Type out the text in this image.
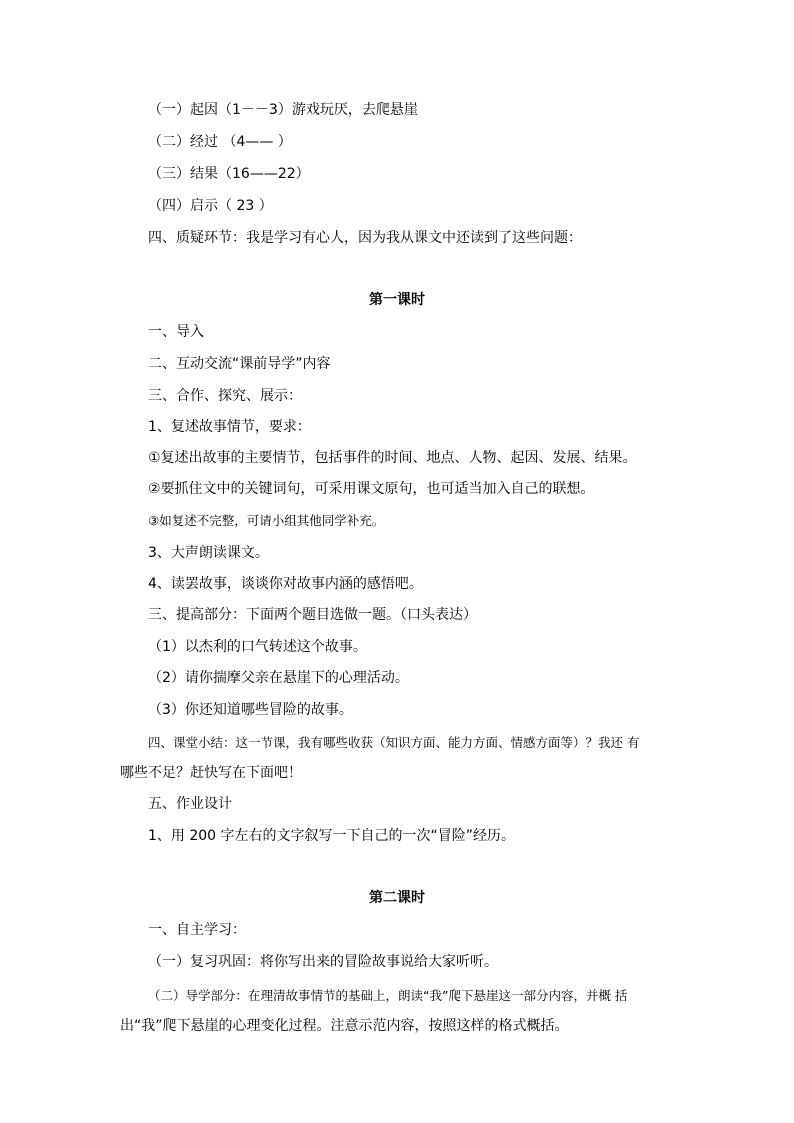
（一）起因（1－－3）游戏玩厌，去爬悬崖
（二）经过 （4—— ）
（三）结果（16——22）
（四）启示（ 23 ）
四、质疑环节：我是学习有心人，因为我从课文中还读到了这些问题：
第一课时
一、导入
二、互动交流“课前导学”内容
三、合作、探究、展示：
1、复述故事情节，要求：
①复述出故事的主要情节，包括事件的时间、地点、人物、起因、发展、结果。
②要抓住文中的关键词句，可采用课文原句，也可适当加入自己的联想。
③如复述不完整，可请小组其他同学补充。
3、大声朗读课文。
4、读罢故事，谈谈你对故事内涵的感悟吧。
三、提高部分：下面两个题目选做一题。（口头表达）
（1）以杰利的口气转述这个故事。
（2）请你揣摩父亲在悬崖下的心理活动。
（3）你还知道哪些冒险的故事。
四、课堂小结：这一节课，我有哪些收获（知识方面、能力方面、情感方面等）？我还 有
哪些不足？赶快写在下面吧！
五、作业设计
1、用 200 字左右的文字叙写一下自己的一次“冒险”经历。
第二课时
一、自主学习：
（一）复习巩固：将你写出来的冒险故事说给大家听听。
（二）导学部分：在理清故事情节的基础上，朗读“我”爬下悬崖这一部分内容，并概 括
出“我”爬下悬崖的心理变化过程。注意示范内容，按照这样的格式概括。
